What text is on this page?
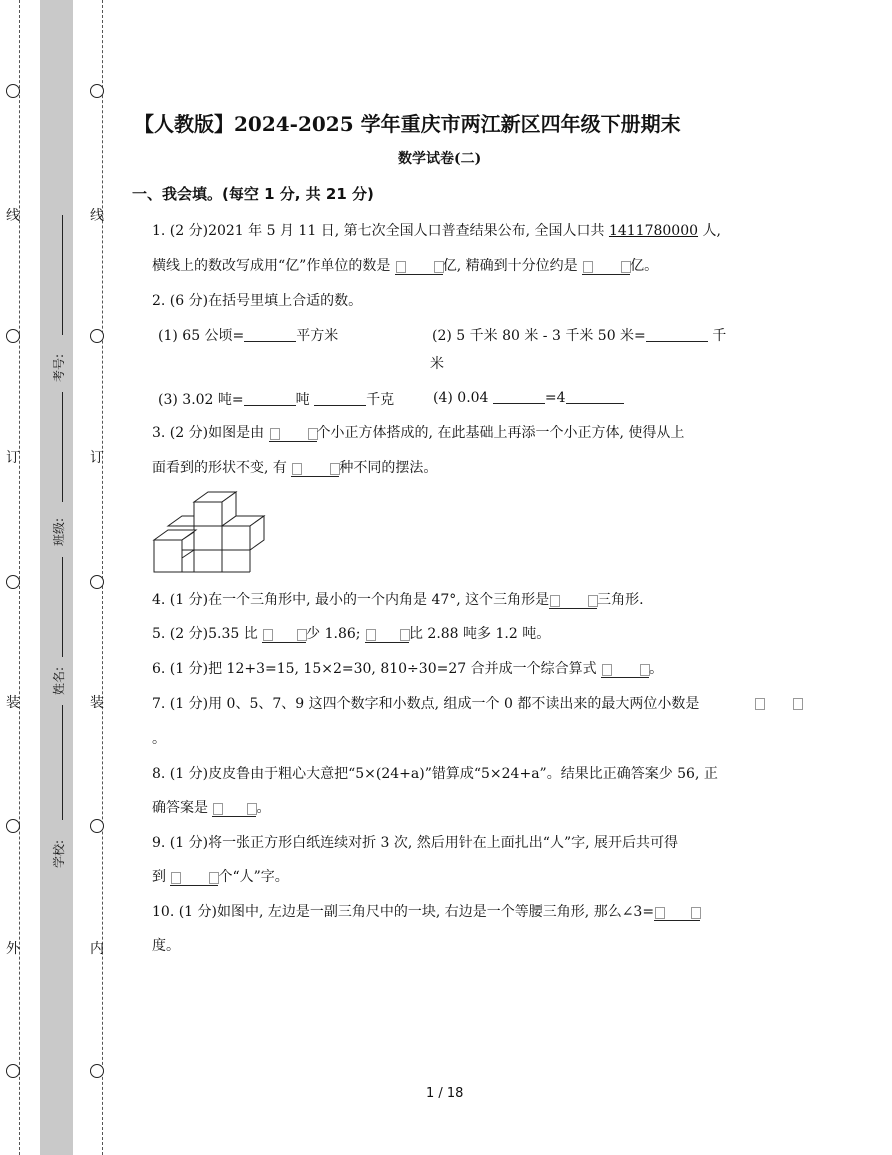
线
订
装
外
线
订
装
内
考号:
班级:
姓名:
学校:
【人教版】2024-2025 学年重庆市两江新区四年级下册期末
数学试卷(二)
一、我会填。(每空 1 分, 共 21 分)
1. (2 分)2021 年 5 月 11 日, 第七次全国人口普查结果公布, 全国人口共 1411780000 人,
横线上的数改写成用“亿”作单位的数是	亿, 精确到十分位约是	亿。
2. (6 分)在括号里填上合适的数。
(1) 65 公顷=	平方米	(2) 5 千米 80 米 - 3 千米 50 米=	千
米
(3) 3.02 吨=	吨	千克	(4) 0.04	=4
3. (2 分)如图是由	个小正方体搭成的, 在此基础上再添一个小正方体, 使得从上
面看到的形状不变, 有	种不同的摆法。
4. (1 分)在一个三角形中, 最小的一个内角是 47°, 这个三角形是	三角形.
5. (2 分)5.35 比	少 1.86;	比 2.88 吨多 1.2 吨。
6. (1 分)把 12+3=15, 15×2=30, 810÷30=27 合并成一个综合算式	。
7. (1 分)用 0、5、7、9 这四个数字和小数点, 组成一个 0 都不读出来的最大两位小数是
。
8. (1 分)皮皮鲁由于粗心大意把“5×(24+a)”错算成“5×24+a”。结果比正确答案少 56, 正
确答案是	。
9. (1 分)将一张正方形白纸连续对折 3 次, 然后用针在上面扎出“人”字, 展开后共可得
到	个“人”字。
10. (1 分)如图中, 左边是一副三角尺中的一块, 右边是一个等腰三角形, 那么∠3=
度。
1 / 18
